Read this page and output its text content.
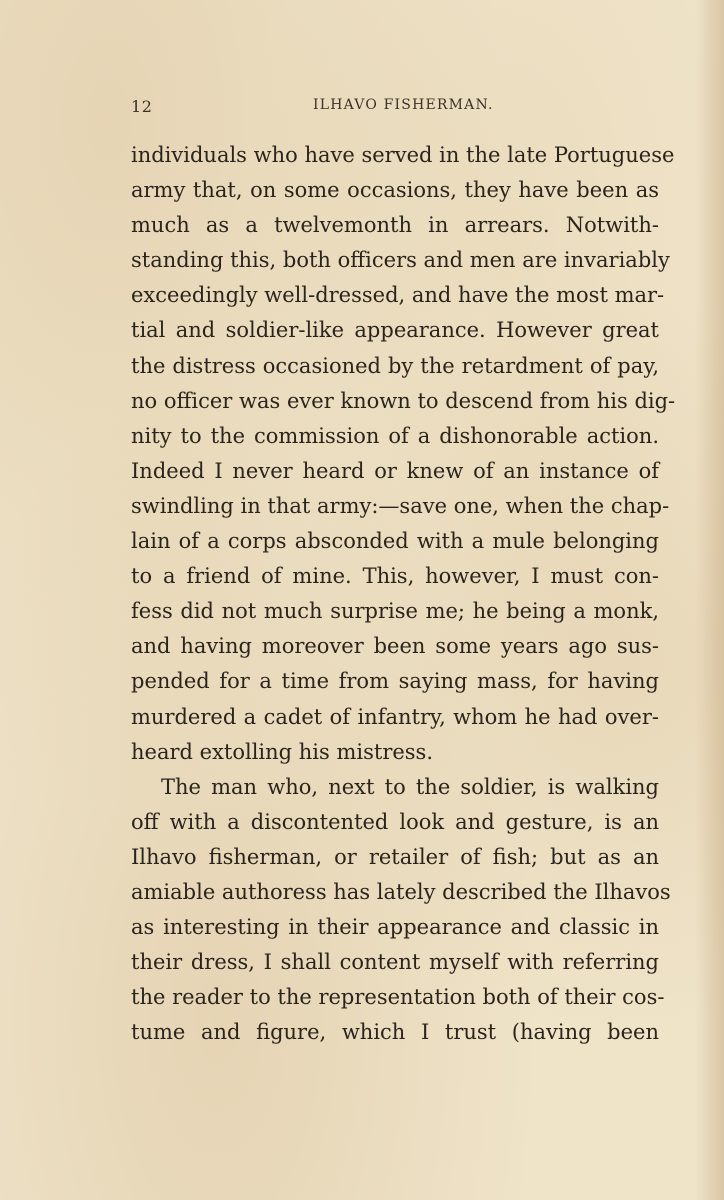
12	ILHAVO FISHERMAN.
individuals who have served in the late Portuguese
army that, on some occasions, they have been as
much as a twelvemonth in arrears. Notwith-
standing this, both officers and men are invariably
exceedingly well-dressed, and have the most mar-
tial and soldier-like appearance. However great
the distress occasioned by the retardment of pay,
no officer was ever known to descend from his dig-
nity to the commission of a dishonorable action.
Indeed I never heard or knew of an instance of
swindling in that army:—save one, when the chap-
lain of a corps absconded with a mule belonging
to a friend of mine. This, however, I must con-
fess did not much surprise me; he being a monk,
and having moreover been some years ago sus-
pended for a time from saying mass, for having
murdered a cadet of infantry, whom he had over-
heard extolling his mistress.
The man who, next to the soldier, is walking
off with a discontented look and gesture, is an
Ilhavo fisherman, or retailer of fish; but as an
amiable authoress has lately described the Ilhavos
as interesting in their appearance and classic in
their dress, I shall content myself with referring
the reader to the representation both of their cos-
tume and figure, which I trust (having been
